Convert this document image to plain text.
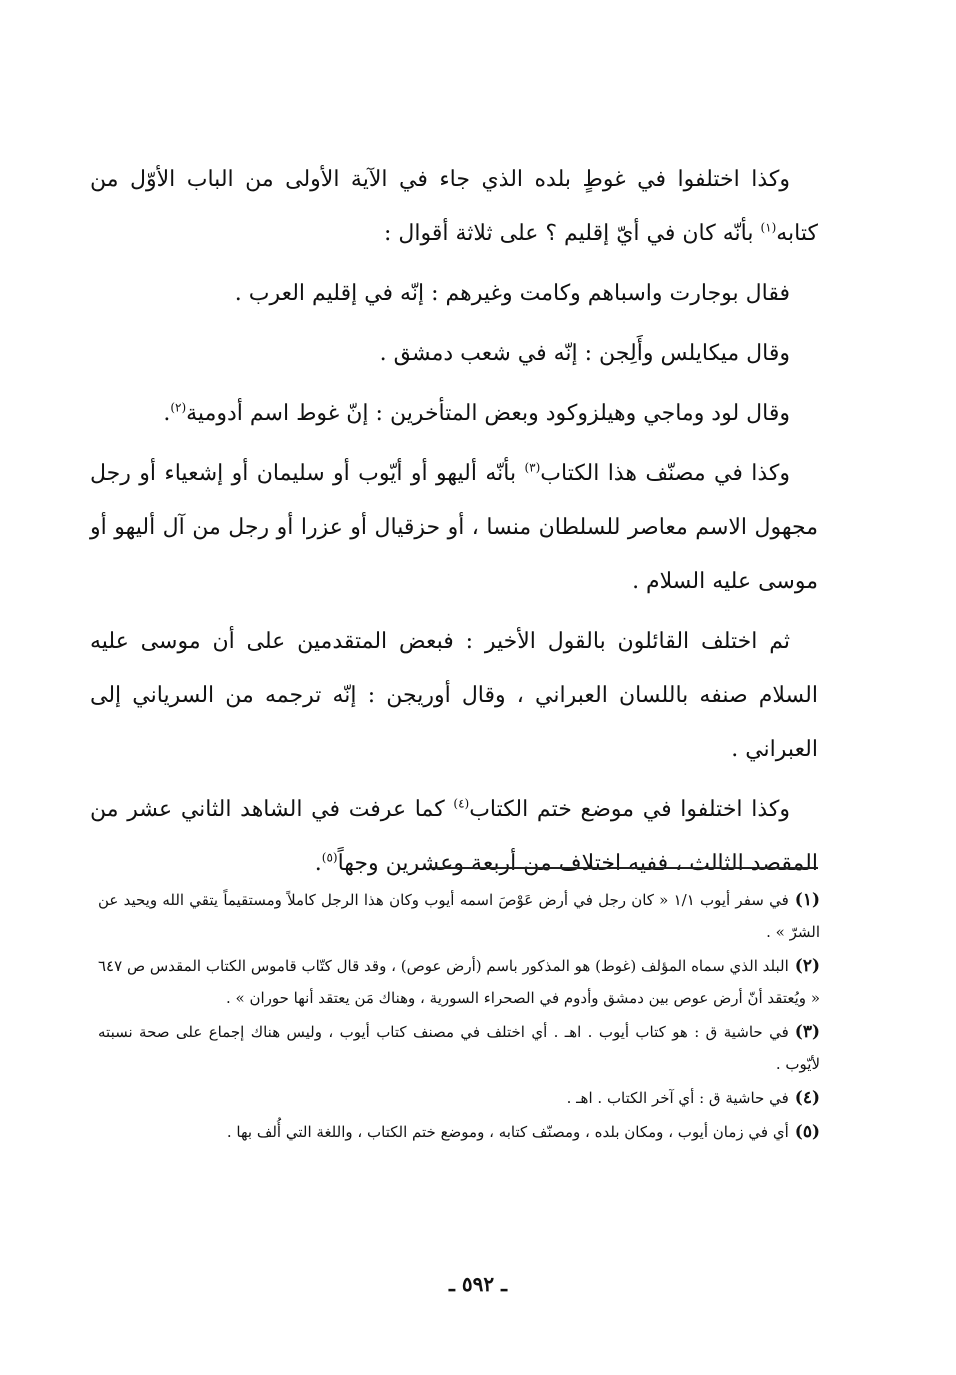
وكذا اختلفوا في غوطٍ بلده الذي جاء في الآية الأولى من الباب الأوّل من كتابه$^{(١)}$ بأنّه كان في أيّ إقليم ؟ على ثلاثة أقوال :

فقال بوجارت واسباهم وكامت وغيرهم : إنّه في إقليم العرب .

وقال ميكايلس وأَلِجن : إنّه في شعب دمشق .

وقال لود وماجي وهيلزوكود وبعض المتأخرين : إنّ غوط اسم أدومية$^{(٢)}$.

وكذا في مصنّف هذا الكتاب$^{(٣)}$ بأنّه أليهو أو أيّوب أو سليمان أو إشعياء أو رجل مجهول الاسم معاصر للسلطان منسا ، أو حزقيال أو عزرا أو رجل من آل أليهو أو موسى عليه السلام .

ثم اختلف القائلون بالقول الأخير : فبعض المتقدمين على أن موسى عليه السلام صنفه باللسان العبراني ، وقال أوريجن : إنّه ترجمه من السرياني إلى العبراني .

وكذا اختلفوا في موضع ختم الكتاب$^{(٤)}$ كما عرفت في الشاهد الثاني عشر من المقصد الثالث ، ففيه اختلاف من أربعة وعشرين وجهاً$^{(٥)}$.

(١)في سفر أيوب ١/١ « كان رجل في أرض عَوْصَ اسمه أيوب وكان هذا الرجل كاملاً ومستقيماً يتقي الله ويحيد عن الشرّ » .

(٢)البلد الذي سماه المؤلف (غوط) هو المذكور باسم (أرض عوص) ، وقد قال كتّاب قاموس الكتاب المقدس ص ٦٤٧ « ويُعتقد أنّ أرض عوص بين دمشق وأدوم في الصحراء السورية ، وهناك مَن يعتقد أنها حوران » .

(٣)في حاشية ق : هو كتاب أيوب . اهـ . أي اختلف في مصنف كتاب أيوب ، وليس هناك إجماع على صحة نسبته لأيّوب .

(٤)في حاشية ق : أي آخر الكتاب . اهـ .

(٥)أي في زمان أيوب ، ومكان بلده ، ومصنّف كتابه ، وموضع ختم الكتاب ، واللغة التي أُلف بها .

ـ ٥٩٢ ـ
